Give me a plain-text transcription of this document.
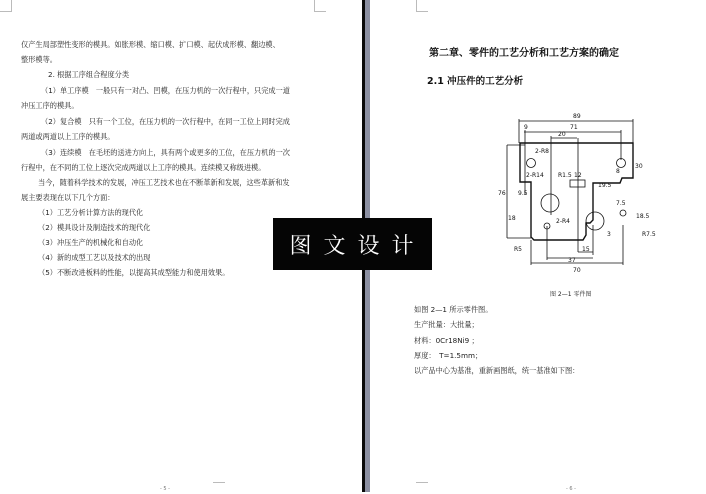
仅产生局部塑性变形的模具。如胀形模、缩口模、扩口模、起伏成形模、翻边模、
整形模等。
2. 根据工序组合程度分类
（1）单工序模　一般只有一对凸、凹模，在压力机的一次行程中，只完成一道
冲压工序的模具。
（2）复合模　只有一个工位，在压力机的一次行程中，在同一工位上同时完成
两道或两道以上工序的模具。
（3）连续模　在毛坯的送进方向上，具有两个或更多的工位，在压力机的一次
行程中，在不同的工位上逐次完成两道以上工序的模具。连续模又称级进模。
当今，随着科学技术的发展，冲压工艺技术也在不断革新和发展，这些革新和发
展主要表现在以下几个方面：
（1）工艺分析计算方法的现代化
（2）模具设计及制造技术的现代化
（3）冲压生产的机械化和自动化
（4）新的成型工艺以及技术的出现
（5）不断改进板料的性能，以提高其成型能力和使用效果。
- 5 -
第二章、零件的工艺分析和工艺方案的确定
2.1 冲压件的工艺分析
89
9	71
20
2-R8
2-R14 R1.5 12
9.5
30
8
19.5
76
18	2-R4
7.5
18.5
3	R7.5
R5	15
37
70
图 2—1 零件图
如图 2—1 所示零件图。
生产批量：大批量；
材料：0Cr18Ni9 ；
厚度：　T=1.5mm；
以产品中心为基准，重新画图纸，统一基准如下图：
- 6 -
图文设计
